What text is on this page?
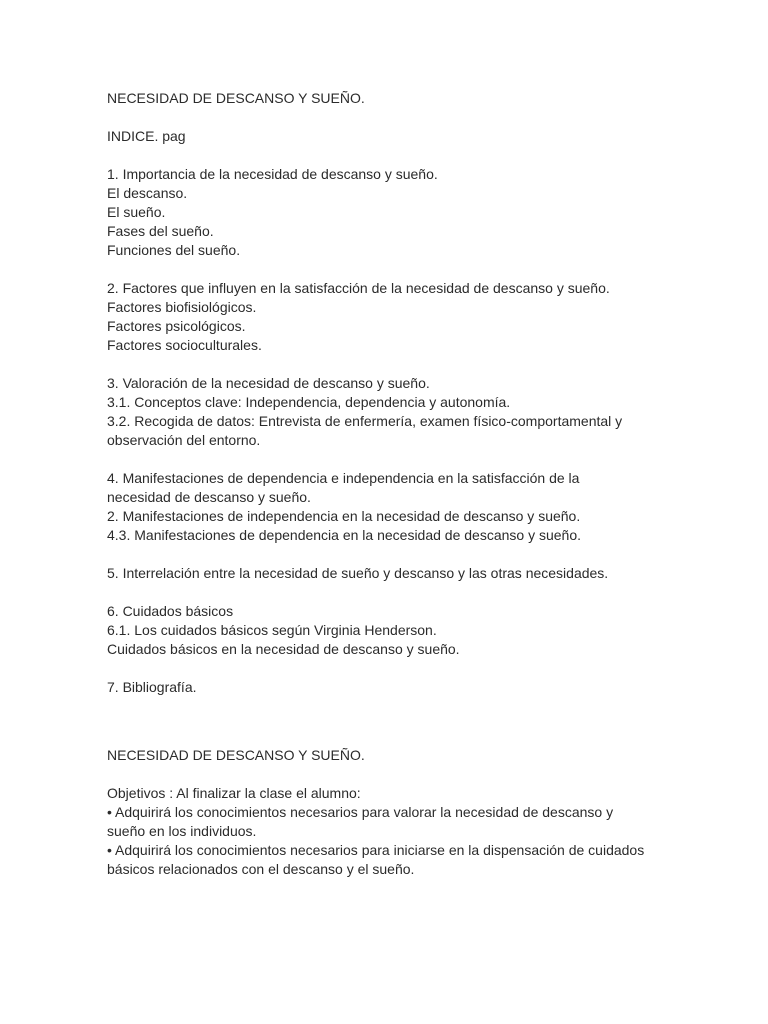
NECESIDAD DE DESCANSO Y SUEÑO.
INDICE. pag
1. Importancia de la necesidad de descanso y sueño.
El descanso.
El sueño.
Fases del sueño.
Funciones del sueño.
2. Factores que influyen en la satisfacción de la necesidad de descanso y sueño.
Factores biofisiológicos.
Factores psicológicos.
Factores socioculturales.
3. Valoración de la necesidad de descanso y sueño.
3.1. Conceptos clave: Independencia, dependencia y autonomía.
3.2. Recogida de datos: Entrevista de enfermería, examen físico-comportamental y
observación del entorno.
4. Manifestaciones de dependencia e independencia en la satisfacción de la
necesidad de descanso y sueño.
2. Manifestaciones de independencia en la necesidad de descanso y sueño.
4.3. Manifestaciones de dependencia en la necesidad de descanso y sueño.
5. Interrelación entre la necesidad de sueño y descanso y las otras necesidades.
6. Cuidados básicos
6.1. Los cuidados básicos según Virginia Henderson.
Cuidados básicos en la necesidad de descanso y sueño.
7. Bibliografía.
NECESIDAD DE DESCANSO Y SUEÑO.
Objetivos : Al finalizar la clase el alumno:
• Adquirirá los conocimientos necesarios para valorar la necesidad de descanso y
sueño en los individuos.
• Adquirirá los conocimientos necesarios para iniciarse en la dispensación de cuidados
básicos relacionados con el descanso y el sueño.
